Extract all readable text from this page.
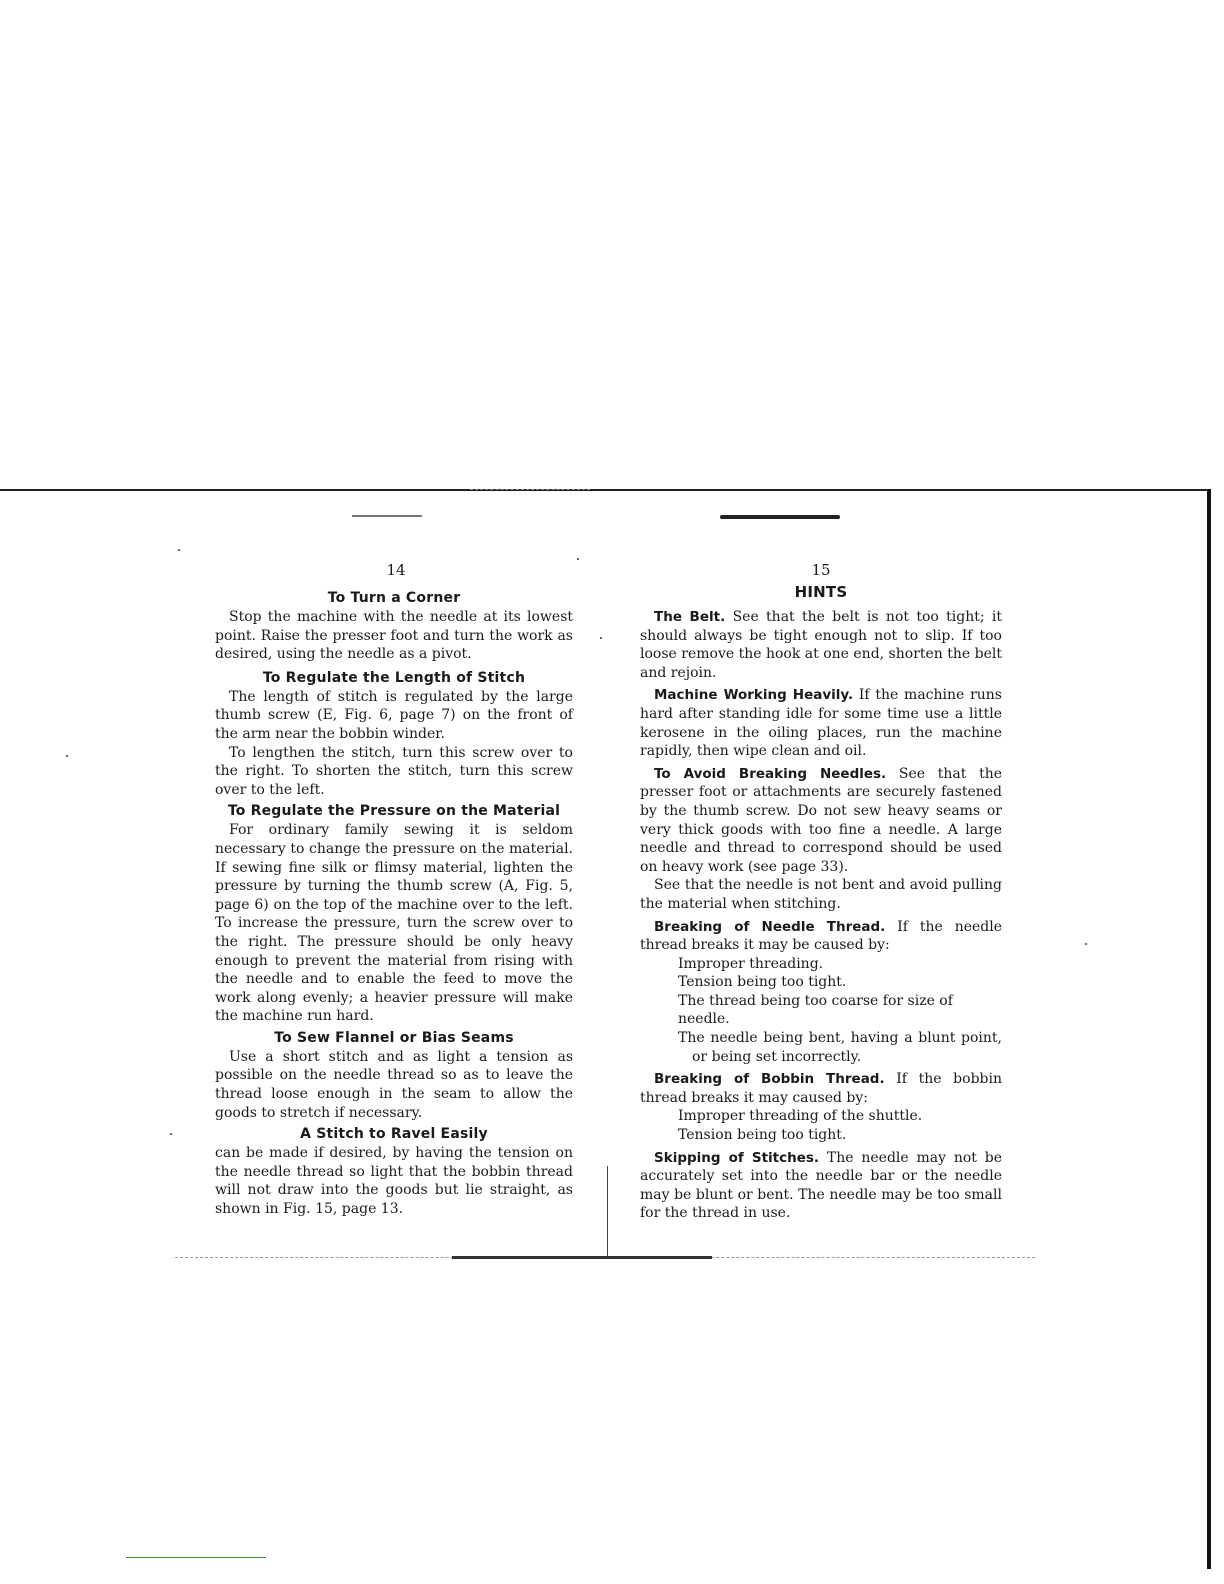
14
To Turn a Corner

Stop the machine with the needle at its lowest point. Raise the presser foot and turn the work as desired, using the needle as a pivot.

To Regulate the Length of Stitch

The length of stitch is regulated by the large thumb screw (E, Fig. 6, page 7) on the front of the arm near the bobbin winder.

To lengthen the stitch, turn this screw over to the right. To shorten the stitch, turn this screw over to the left.

To Regulate the Pressure on the Material

For ordinary family sewing it is seldom necessary to change the pressure on the material. If sewing fine silk or flimsy material, lighten the pressure by turning the thumb screw (A, Fig. 5, page 6) on the top of the machine over to the left. To increase the pressure, turn the screw over to the right. The pressure should be only heavy enough to prevent the material from rising with the needle and to enable the feed to move the work along evenly; a heavier pressure will make the machine run hard.

To Sew Flannel or Bias Seams

Use a short stitch and as light a tension as possible on the needle thread so as to leave the thread loose enough in the seam to allow the goods to stretch if necessary.

A Stitch to Ravel Easily

can be made if desired, by having the tension on the needle thread so light that the bobbin thread will not draw into the goods but lie straight, as shown in Fig. 15, page 13.

15
HINTS

The Belt. See that the belt is not too tight; it should always be tight enough not to slip. If too loose remove the hook at one end, shorten the belt and rejoin.

Machine Working Heavily. If the machine runs hard after standing idle for some time use a little kerosene in the oiling places, run the machine rapidly, then wipe clean and oil.

To Avoid Breaking Needles. See that the presser foot or attachments are securely fastened by the thumb screw. Do not sew heavy seams or very thick goods with too fine a needle. A large needle and thread to correspond should be used on heavy work (see page 33).

See that the needle is not bent and avoid pulling the material when stitching.

Breaking of Needle Thread. If the needle thread breaks it may be caused by:

Improper threading.

Tension being too tight.

The thread being too coarse for size of needle.

The needle being bent, having a blunt point, or being set incorrectly.

Breaking of Bobbin Thread. If the bobbin thread breaks it may caused by:

Improper threading of the shuttle.

Tension being too tight.

Skipping of Stitches. The needle may not be accurately set into the needle bar or the needle may be blunt or bent. The needle may be too small for the thread in use.
